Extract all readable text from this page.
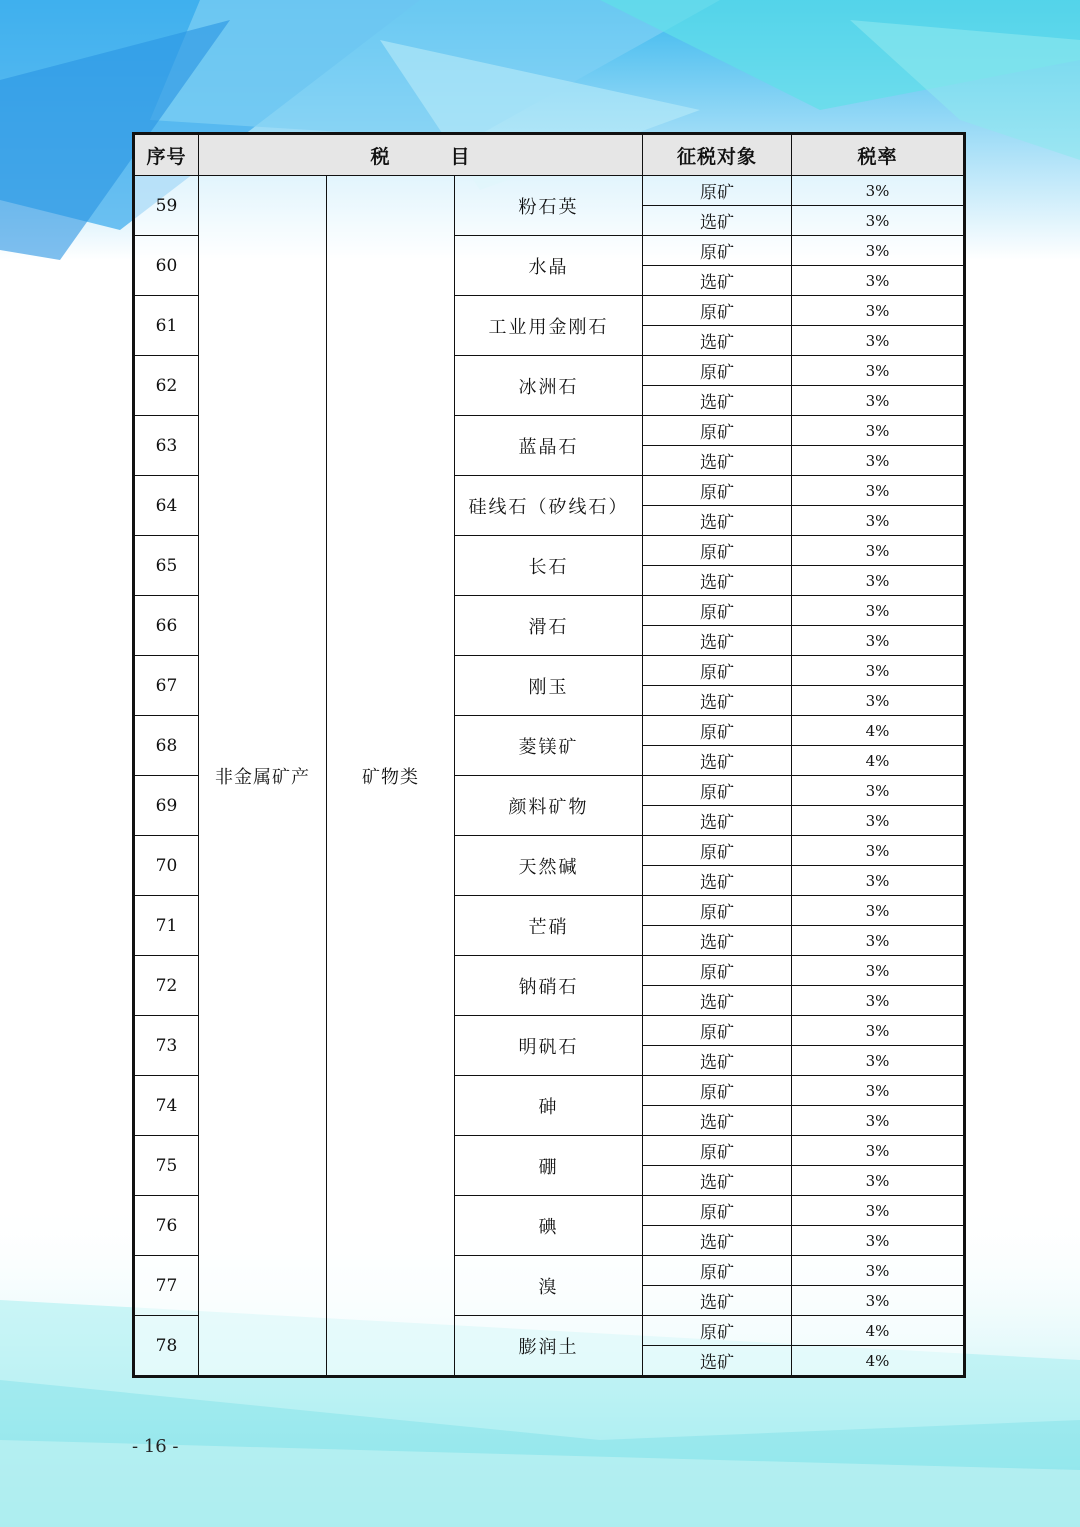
序号	税 目			征税对象	税率
59	非金属矿产	矿物类	粉石英	原矿	3%
				选矿	3%
60			水晶	原矿	3%
				选矿	3%
61			工业用金刚石	原矿	3%
				选矿	3%
62			冰洲石	原矿	3%
				选矿	3%
63			蓝晶石	原矿	3%
				选矿	3%
64			硅线石（矽线石）	原矿	3%
				选矿	3%
65			长石	原矿	3%
				选矿	3%
66			滑石	原矿	3%
				选矿	3%
67			刚玉	原矿	3%
				选矿	3%
68			菱镁矿	原矿	4%
				选矿	4%
69			颜料矿物	原矿	3%
				选矿	3%
70			天然碱	原矿	3%
				选矿	3%
71			芒硝	原矿	3%
				选矿	3%
72			钠硝石	原矿	3%
				选矿	3%
73			明矾石	原矿	3%
				选矿	3%
74			砷	原矿	3%
				选矿	3%
75			硼	原矿	3%
				选矿	3%
76			碘	原矿	3%
				选矿	3%
77			溴	原矿	3%
				选矿	3%
78			膨润土	原矿	4%
				选矿	4%
- 16 -
